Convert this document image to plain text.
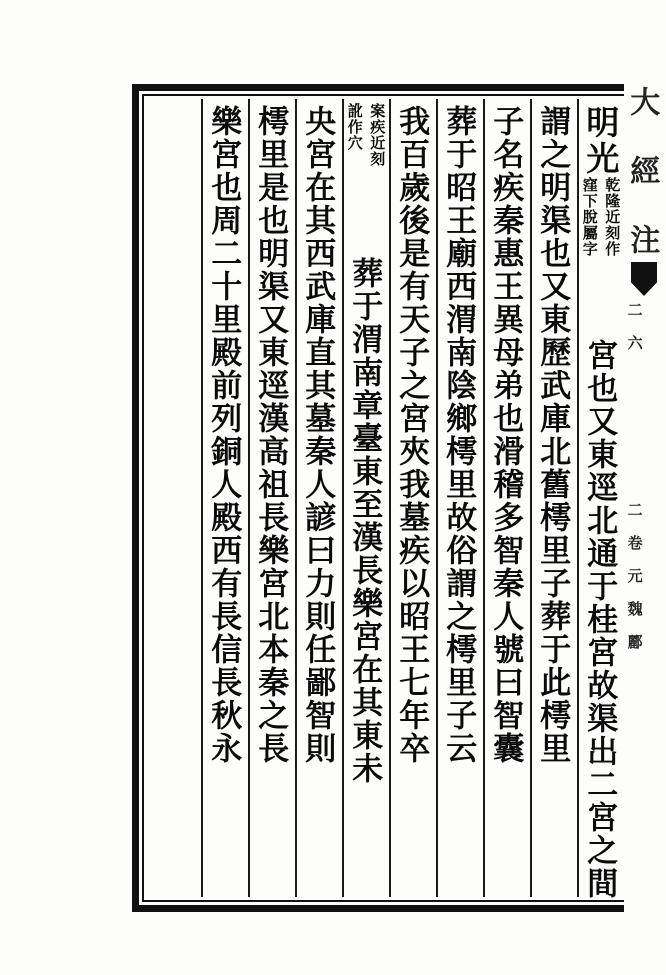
明光
乾隆近刻作
窪下脫屬字
宮也又東逕北通于桂宮故渠出二宮之間
謂之明渠也又東歷武庫北舊樗里子葬于此樗里
子名疾秦惠王異母弟也滑稽多智秦人號曰智囊
葬于昭王廟西渭南陰鄉樗里故俗謂之樗里子云
我百歲後是有天子之宮夾我墓疾以昭王七年卒
案疾近刻
訛作穴
葬于渭南章臺東至漢長樂宮在其東未
央宮在其西武庫直其墓秦人諺曰力則任鄙智則
樗里是也明渠又東逕漢高祖長樂宮北本秦之長
樂宮也周二十里殿前列銅人殿西有長信長秋永	大 經 注
二 六
二 卷 元 魏 酈
